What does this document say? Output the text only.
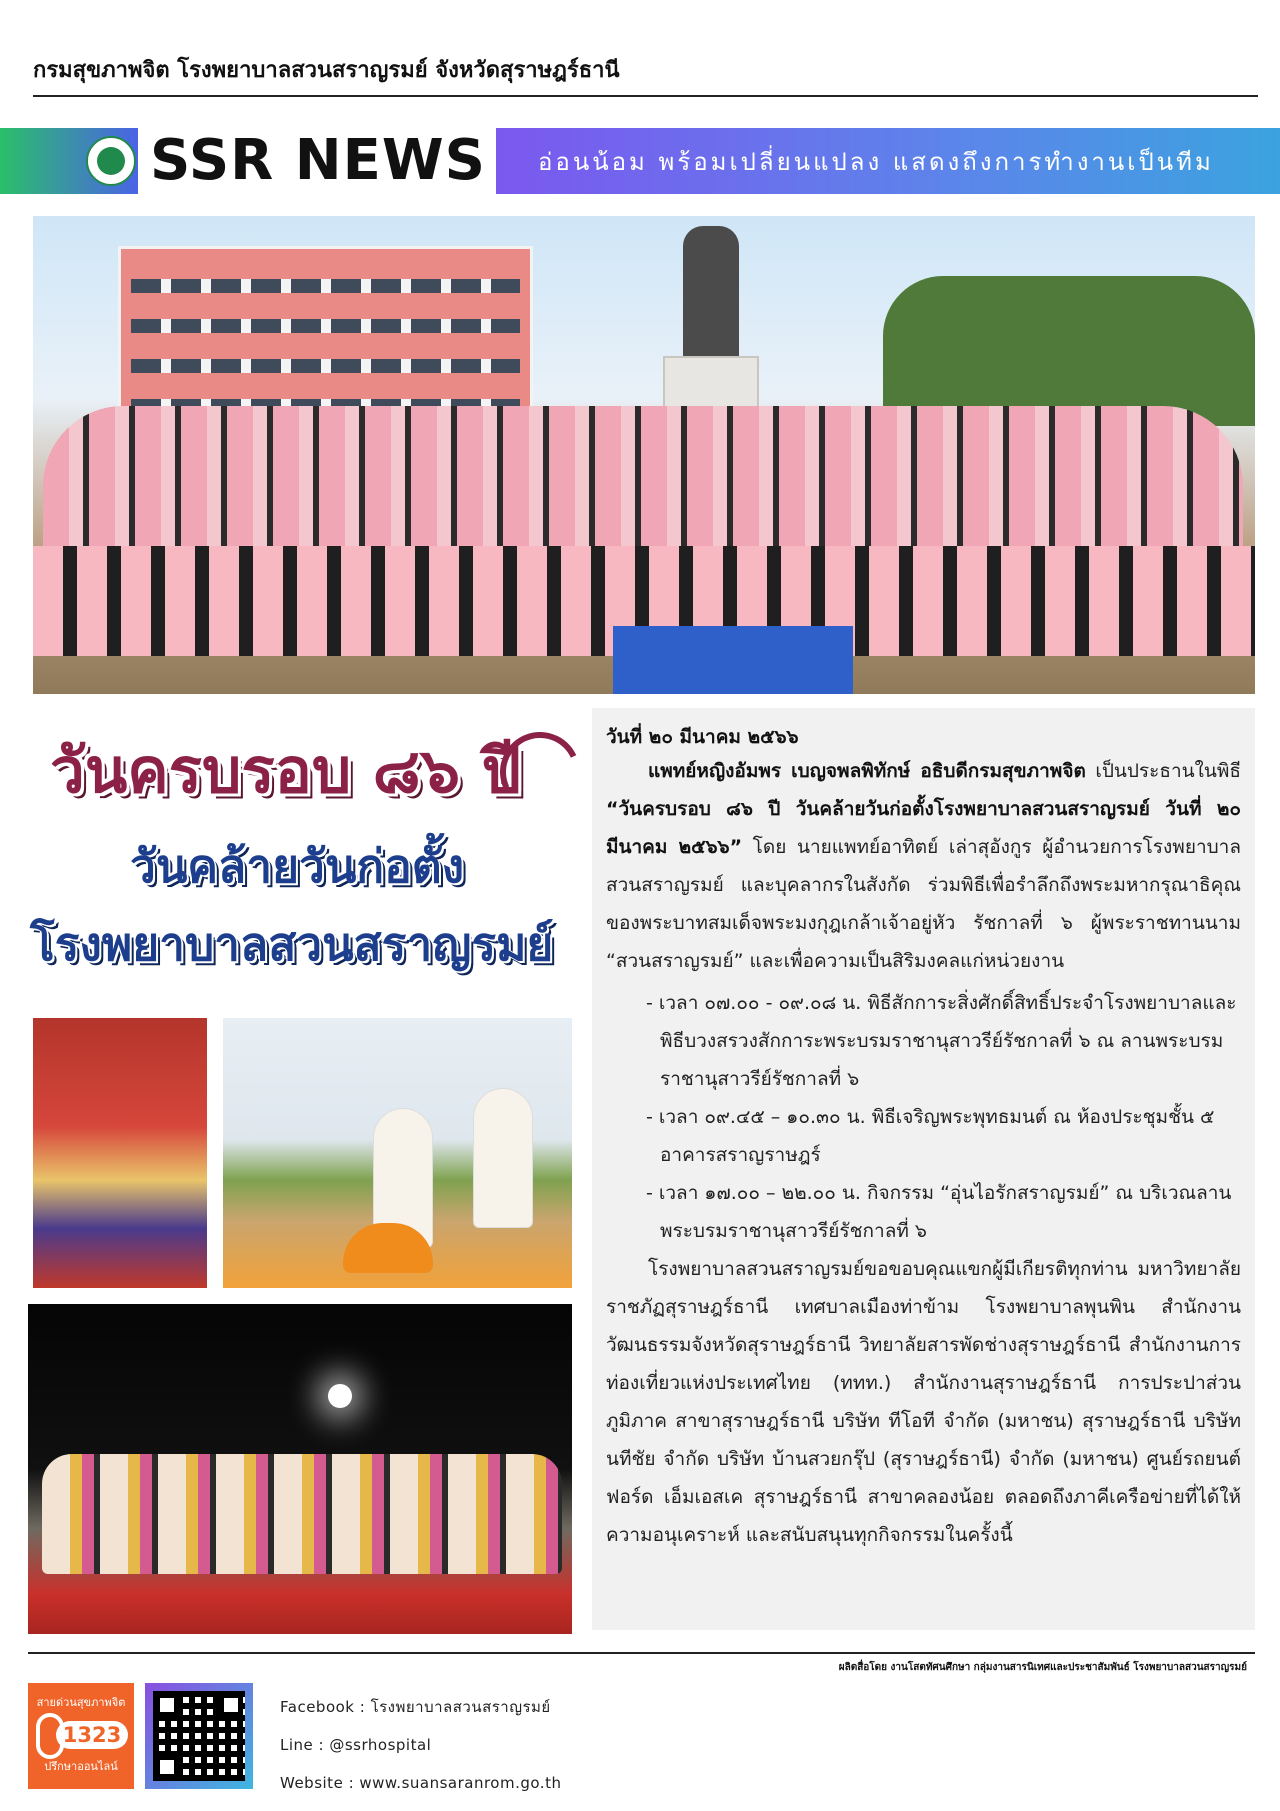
กรมสุขภาพจิต โรงพยาบาลสวนสราญรมย์ จังหวัดสุราษฎร์ธานี
SSR NEWS อ่อนน้อม พร้อมเปลี่ยนแปลง แสดงถึงการทำงานเป็นทีม
วันครบรอบ ๘๖ ปี
วันคล้ายวันก่อตั้ง
โรงพยาบาลสวนสราญรมย์
วันที่ ๒๐ มีนาคม ๒๕๖๖

แพทย์หญิงอัมพร เบญจพลพิทักษ์ อธิบดีกรมสุขภาพจิต เป็นประธานในพิธี “วันครบรอบ ๘๖ ปี วันคล้ายวันก่อตั้งโรงพยาบาลสวนสราญรมย์ วันที่ ๒๐ มีนาคม ๒๕๖๖” โดย นายแพทย์อาทิตย์ เล่าสุอังกูร ผู้อำนวยการโรงพยาบาลสวนสราญรมย์ และบุคลากรในสังกัด ร่วมพิธีเพื่อรำลึกถึงพระมหากรุณาธิคุณของพระบาทสมเด็จพระมงกุฎเกล้าเจ้าอยู่หัว รัชกาลที่ ๖ ผู้พระราชทานนาม “สวนสราญรมย์” และเพื่อความเป็นสิริมงคลแก่หน่วยงาน

- เวลา ๐๗.๐๐ - ๐๙.๐๘ น. พิธีสักการะสิ่งศักดิ์สิทธิ์ประจำโรงพยาบาลและพิธีบวงสรวงสักการะพระบรมราชานุสาวรีย์รัชกาลที่ ๖ ณ ลานพระบรมราชานุสาวรีย์รัชกาลที่ ๖
- เวลา ๐๙.๔๕ – ๑๐.๓๐ น. พิธีเจริญพระพุทธมนต์ ณ ห้องประชุมชั้น ๕ อาคารสราญราษฎร์
- เวลา ๑๗.๐๐ – ๒๒.๐๐ น. กิจกรรม “อุ่นไอรักสราญรมย์” ณ บริเวณลานพระบรมราชานุสาวรีย์รัชกาลที่ ๖

โรงพยาบาลสวนสราญรมย์ขอขอบคุณแขกผู้มีเกียรติทุกท่าน มหาวิทยาลัยราชภัฏสุราษฎร์ธานี เทศบาลเมืองท่าข้าม โรงพยาบาลพุนพิน สำนักงานวัฒนธรรมจังหวัดสุราษฎร์ธานี วิทยาลัยสารพัดช่างสุราษฎร์ธานี สำนักงานการท่องเที่ยวแห่งประเทศไทย (ททท.) สำนักงานสุราษฎร์ธานี การประปาส่วนภูมิภาค สาขาสุราษฎร์ธานี บริษัท ทีโอที จำกัด (มหาชน) สุราษฎร์ธานี บริษัท นทีชัย จำกัด บริษัท บ้านสวยกรุ๊ป (สุราษฎร์ธานี) จำกัด (มหาชน) ศูนย์รถยนต์ฟอร์ด เอ็มเอสเค สุราษฎร์ธานี สาขาคลองน้อย ตลอดถึงภาคีเครือข่ายที่ได้ให้ความอนุเคราะห์ และสนับสนุนทุกกิจกรรมในครั้งนี้

ผลิตสื่อโดย งานโสตทัศนศึกษา กลุ่มงานสารนิเทศและประชาสัมพันธ์ โรงพยาบาลสวนสราญรมย์
สายด่วนสุขภาพจิต
1323
ปรึกษาออนไลน์
Facebook : โรงพยาบาลสวนสราญรมย์
Line : @ssrhospital
Website : www.suansaranrom.go.th
